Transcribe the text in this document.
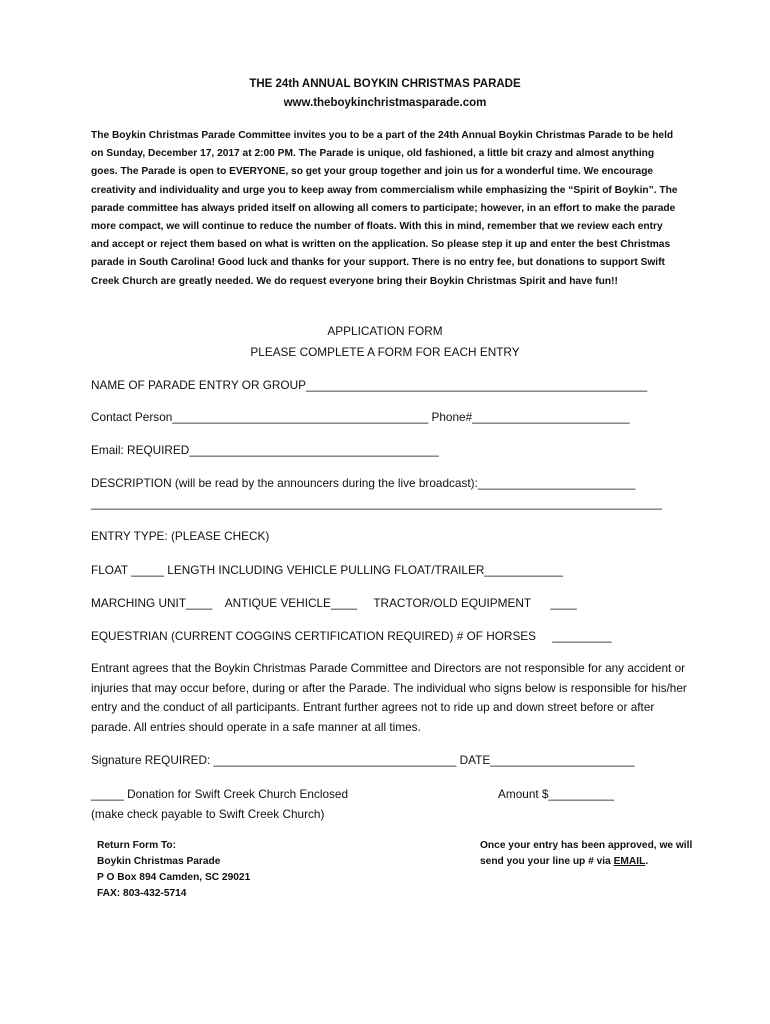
THE 24th ANNUAL BOYKIN CHRISTMAS PARADE
www.theboykinchristmasparade.com
The Boykin Christmas Parade Committee invites you to be a part of the 24th Annual Boykin Christmas Parade to be held on Sunday, December 17, 2017 at 2:00 PM. The Parade is unique, old fashioned, a little bit crazy and almost anything goes. The Parade is open to EVERYONE, so get your group together and join us for a wonderful time. We encourage creativity and individuality and urge you to keep away from commercialism while emphasizing the “Spirit of Boykin”. The parade committee has always prided itself on allowing all comers to participate; however, in an effort to make the parade more compact, we will continue to reduce the number of floats. With this in mind, remember that we review each entry and accept or reject them based on what is written on the application. So please step it up and enter the best Christmas parade in South Carolina! Good luck and thanks for your support. There is no entry fee, but donations to support Swift Creek Church are greatly needed. We do request everyone bring their Boykin Christmas Spirit and have fun!!
APPLICATION FORM
PLEASE COMPLETE A FORM FOR EACH ENTRY
NAME OF PARADE ENTRY OR GROUP____________________________________________________
Contact Person_______________________________________ Phone#________________________
Email: REQUIRED______________________________________
DESCRIPTION (will be read by the announcers during the live broadcast):________________________
_______________________________________________________________________________________
ENTRY TYPE: (PLEASE CHECK)
FLOAT _____ LENGTH INCLUDING VEHICLE PULLING FLOAT/TRAILER____________
MARCHING UNIT____    ANTIQUE VEHICLE____     TRACTOR/OLD EQUIPMENT      ____
EQUESTRIAN (CURRENT COGGINS CERTIFICATION REQUIRED) # OF HORSES     _________
Entrant agrees that the Boykin Christmas Parade Committee and Directors are not responsible for any accident or injuries that may occur before, during or after the Parade. The individual who signs below is responsible for his/her entry and the conduct of all participants. Entrant further agrees not to ride up and down street before or after parade. All entries should operate in a safe manner at all times.
Signature REQUIRED: _____________________________________ DATE______________________
_____ Donation for Swift Creek Church Enclosed	Amount $__________
(make check payable to Swift Creek Church)
Return Form To:
Boykin Christmas Parade
P O Box 894 Camden, SC 29021
FAX: 803-432-5714
Once your entry has been approved, we will
send you your line up # via EMAIL.
